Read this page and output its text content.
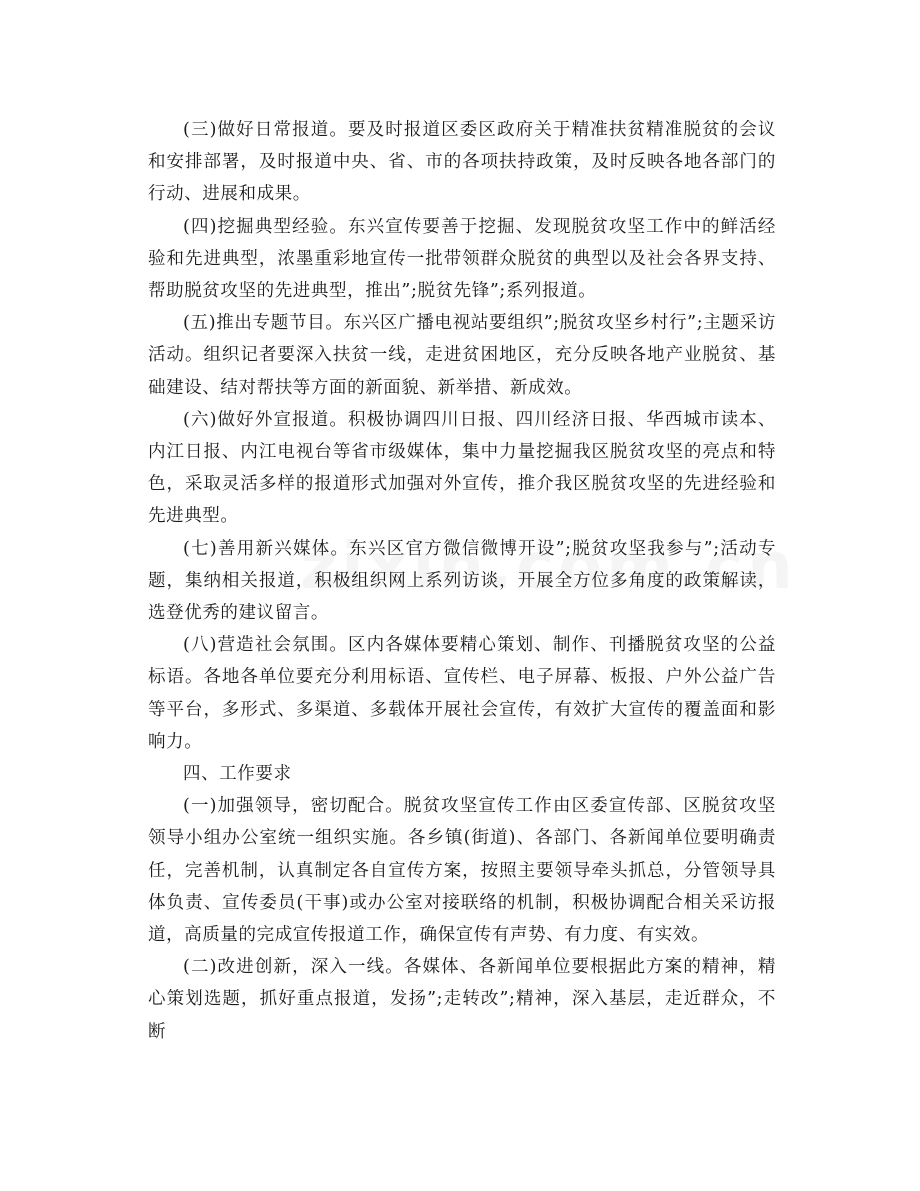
(三)做好日常报道。要及时报道区委区政府关于精准扶贫精准脱贫的会议和安排部署，及时报道中央、省、市的各项扶持政策，及时反映各地各部门的行动、进展和成果。

(四)挖掘典型经验。东兴宣传要善于挖掘、发现脱贫攻坚工作中的鲜活经验和先进典型，浓墨重彩地宣传一批带领群众脱贫的典型以及社会各界支持、帮助脱贫攻坚的先进典型，推出”;脱贫先锋”;系列报道。

(五)推出专题节目。东兴区广播电视站要组织”;脱贫攻坚乡村行”;主题采访活动。组织记者要深入扶贫一线，走进贫困地区，充分反映各地产业脱贫、基础建设、结对帮扶等方面的新面貌、新举措、新成效。

(六)做好外宣报道。积极协调四川日报、四川经济日报、华西城市读本、内江日报、内江电视台等省市级媒体，集中力量挖掘我区脱贫攻坚的亮点和特色，采取灵活多样的报道形式加强对外宣传，推介我区脱贫攻坚的先进经验和先进典型。

(七)善用新兴媒体。东兴区官方微信微博开设”;脱贫攻坚我参与”;活动专题，集纳相关报道，积极组织网上系列访谈，开展全方位多角度的政策解读，选登优秀的建议留言。

(八)营造社会氛围。区内各媒体要精心策划、制作、刊播脱贫攻坚的公益标语。各地各单位要充分利用标语、宣传栏、电子屏幕、板报、户外公益广告等平台，多形式、多渠道、多载体开展社会宣传，有效扩大宣传的覆盖面和影响力。

四、工作要求

(一)加强领导，密切配合。脱贫攻坚宣传工作由区委宣传部、区脱贫攻坚领导小组办公室统一组织实施。各乡镇(街道)、各部门、各新闻单位要明确责任，完善机制，认真制定各自宣传方案，按照主要领导牵头抓总，分管领导具体负责、宣传委员(干事)或办公室对接联络的机制，积极协调配合相关采访报道，高质量的完成宣传报道工作，确保宣传有声势、有力度、有实效。

(二)改进创新，深入一线。各媒体、各新闻单位要根据此方案的精神，精心策划选题，抓好重点报道，发扬”;走转改”;精神，深入基层，走近群众，不断
